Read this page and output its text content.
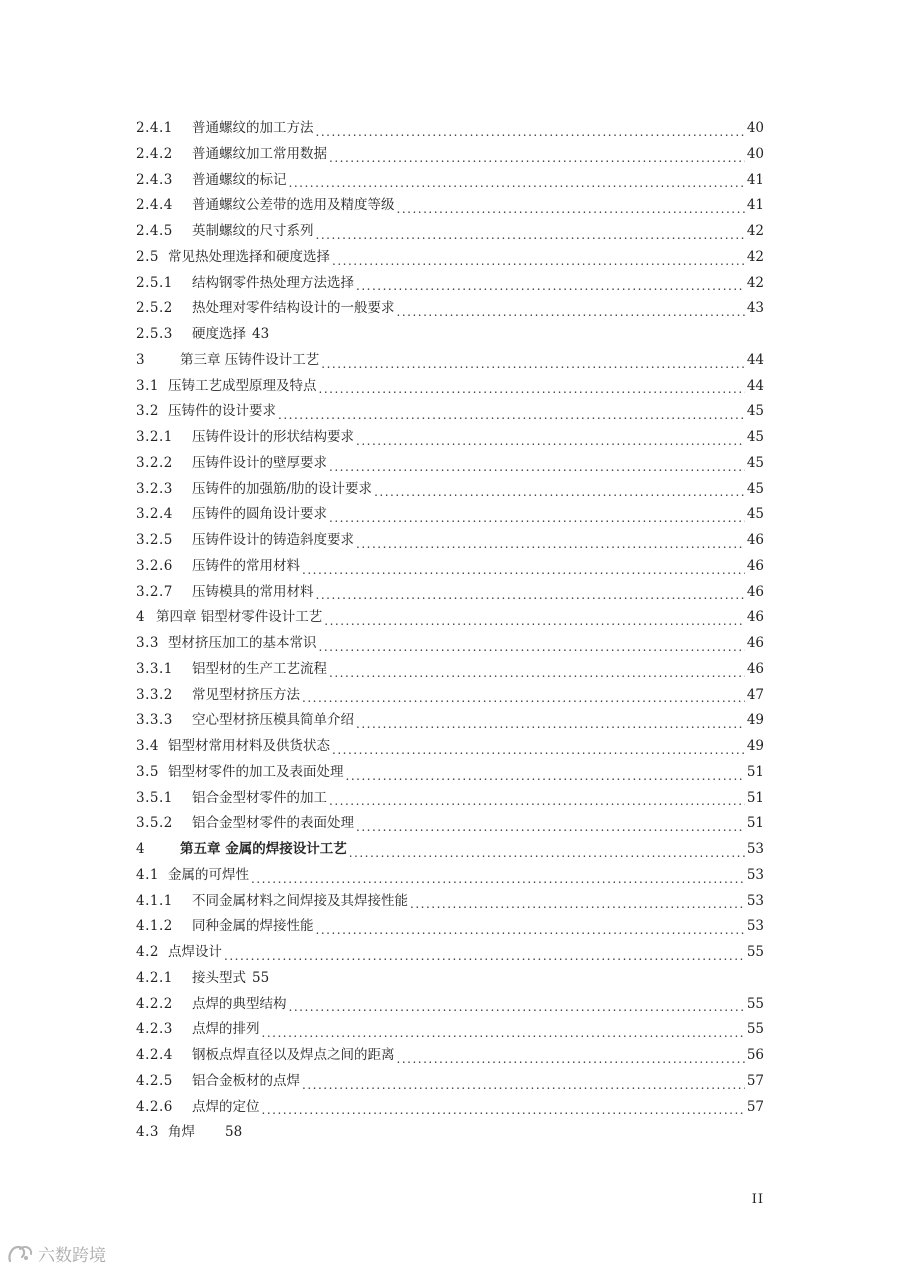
2.4.1	普通螺纹的加工方法 .....	40
2.4.2	普通螺纹加工常用数据 .....	40
2.4.3	普通螺纹的标记 .....	41
2.4.4	普通螺纹公差带的选用及精度等级 .....	41
2.4.5	英制螺纹的尺寸系列 .....	42
2.5 常见热处理选择和硬度选择 .....	42
2.5.1	结构钢零件热处理方法选择 .....	42
2.5.2	热处理对零件结构设计的一般要求 .....	43
2.5.3	硬度选择 43
3	第三章 压铸件设计工艺 .....	44
3.1 压铸工艺成型原理及特点 .....	44
3.2 压铸件的设计要求 .....	45
3.2.1	压铸件设计的形状结构要求 .....	45
3.2.2	压铸件设计的壁厚要求 .....	45
3.2.3	压铸件的加强筋/肋的设计要求 .....	45
3.2.4	压铸件的圆角设计要求 .....	45
3.2.5	压铸件设计的铸造斜度要求 .....	46
3.2.6	压铸件的常用材料 .....	46
3.2.7	压铸模具的常用材料 .....	46
4 第四章 铝型材零件设计工艺 .....	46
3.3 型材挤压加工的基本常识 .....	46
3.3.1	铝型材的生产工艺流程 .....	46
3.3.2	常见型材挤压方法 .....	47
3.3.3	空心型材挤压模具简单介绍 .....	49
3.4 铝型材常用材料及供货状态 .....	49
3.5 铝型材零件的加工及表面处理 .....	51
3.5.1	铝合金型材零件的加工 .....	51
3.5.2	铝合金型材零件的表面处理 .....	51
4	第五章 金属的焊接设计工艺 .....	53
4.1 金属的可焊性 .....	53
4.1.1	不同金属材料之间焊接及其焊接性能 .....	53
4.1.2	同种金属的焊接性能 .....	53
4.2 点焊设计 .....	55
4.2.1	接头型式 55
4.2.2	点焊的典型结构 .....	55
4.2.3	点焊的排列 .....	55
4.2.4	钢板点焊直径以及焊点之间的距离 .....	56
4.2.5	铝合金板材的点焊 .....	57
4.2.6	点焊的定位 .....	57
4.3 角焊	58
II
六数跨境
